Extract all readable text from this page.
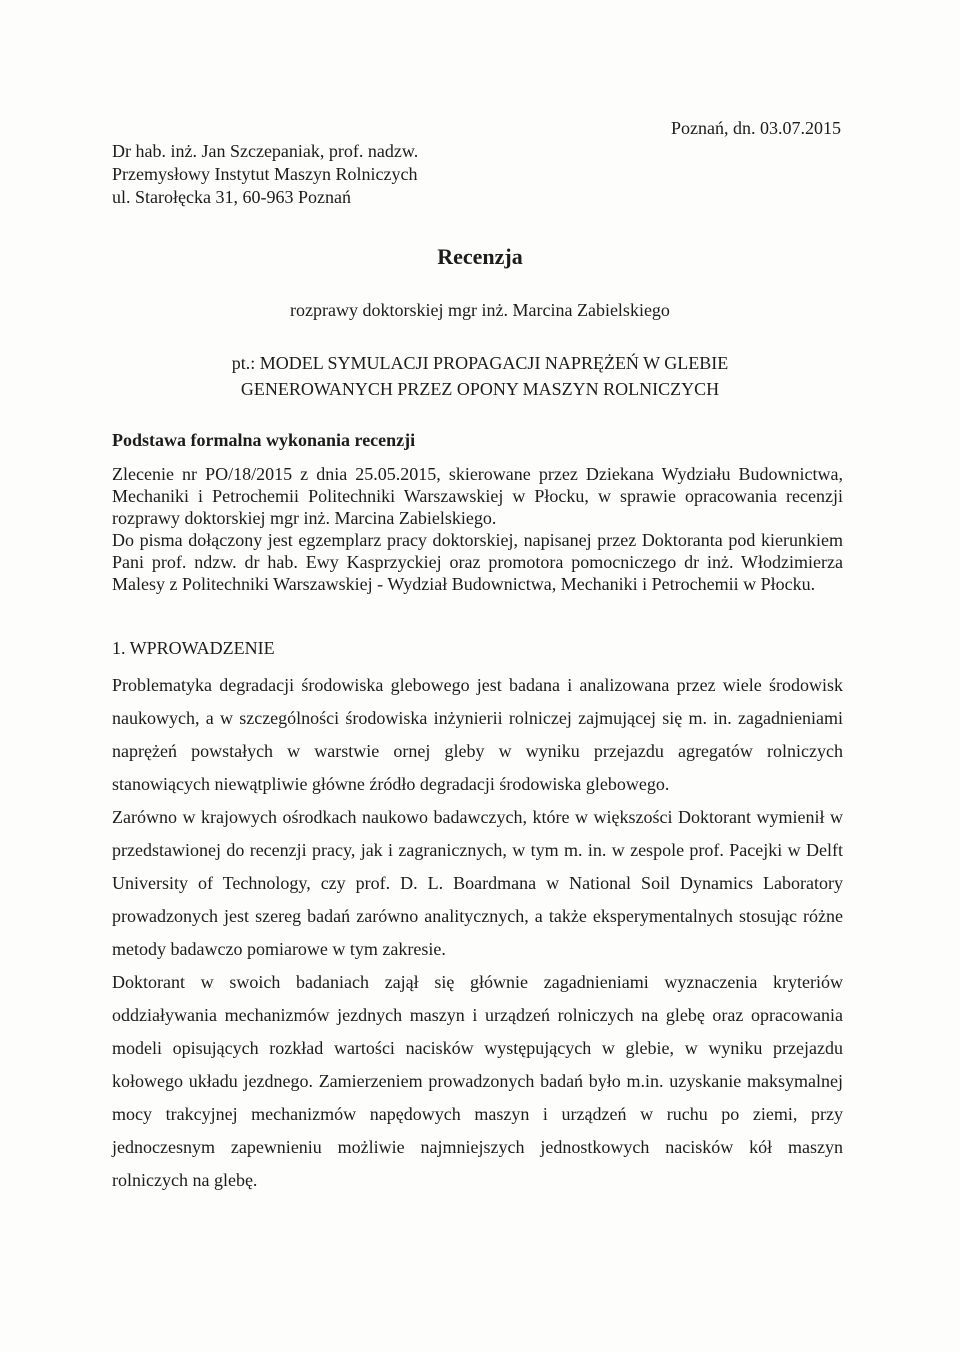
Poznań, dn. 03.07.2015
Dr hab. inż. Jan Szczepaniak, prof. nadzw.
Przemysłowy Instytut Maszyn Rolniczych
ul. Starołęcka 31, 60-963 Poznań
Recenzja
rozprawy doktorskiej mgr inż. Marcina Zabielskiego
pt.: MODEL SYMULACJI PROPAGACJI NAPRĘŻEŃ W GLEBIE
GENEROWANYCH PRZEZ OPONY MASZYN ROLNICZYCH
Podstawa formalna wykonania recenzji

Zlecenie nr PO/18/2015 z dnia 25.05.2015, skierowane przez Dziekana Wydziału Budownictwa, Mechaniki i Petrochemii Politechniki Warszawskiej w Płocku, w sprawie opracowania recenzji rozprawy doktorskiej mgr inż. Marcina Zabielskiego.

Do pisma dołączony jest egzemplarz pracy doktorskiej, napisanej przez Doktoranta pod kierunkiem Pani prof. ndzw. dr hab. Ewy Kasprzyckiej oraz promotora pomocniczego dr inż. Włodzimierza Malesy z Politechniki Warszawskiej - Wydział Budownictwa, Mechaniki i Petrochemii w Płocku.

1. WPROWADZENIE

Problematyka degradacji środowiska glebowego jest badana i analizowana przez wiele środowisk naukowych, a w szczególności środowiska inżynierii rolniczej zajmującej się m. in. zagadnieniami naprężeń powstałych w warstwie ornej gleby w wyniku przejazdu agregatów rolniczych stanowiących niewątpliwie główne źródło degradacji środowiska glebowego.

Zarówno w krajowych ośrodkach naukowo badawczych, które w większości Doktorant wymienił w przedstawionej do recenzji pracy, jak i zagranicznych, w tym m. in. w zespole prof. Pacejki w Delft University of Technology, czy prof. D. L. Boardmana w National Soil Dynamics Laboratory prowadzonych jest szereg badań zarówno analitycznych, a także eksperymentalnych stosując różne metody badawczo pomiarowe w tym zakresie.

Doktorant w swoich badaniach zajął się głównie zagadnieniami wyznaczenia kryteriów oddziaływania mechanizmów jezdnych maszyn i urządzeń rolniczych na glebę oraz opracowania modeli opisujących rozkład wartości nacisków występujących w glebie, w wyniku przejazdu kołowego układu jezdnego. Zamierzeniem prowadzonych badań było m.in. uzyskanie maksymalnej mocy trakcyjnej mechanizmów napędowych maszyn i urządzeń w ruchu po ziemi, przy jednoczesnym zapewnieniu możliwie najmniejszych jednostkowych nacisków kół maszyn rolniczych na glebę.
